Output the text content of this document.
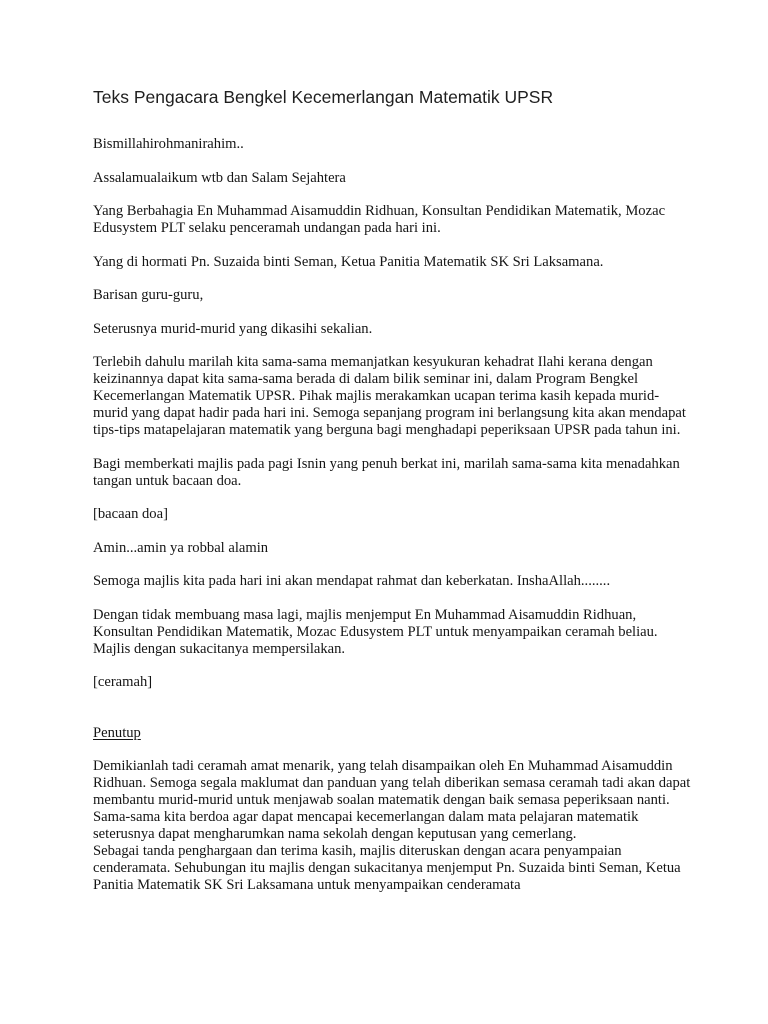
Teks Pengacara Bengkel Kecemerlangan Matematik UPSR

Bismillahirohmanirahim..

Assalamualaikum wtb dan Salam Sejahtera

Yang Berbahagia En Muhammad Aisamuddin Ridhuan, Konsultan Pendidikan Matematik, Mozac Edusystem PLT selaku penceramah undangan pada hari ini.

Yang di hormati Pn. Suzaida binti Seman, Ketua Panitia Matematik SK Sri Laksamana.

Barisan guru-guru,

Seterusnya murid-murid yang dikasihi sekalian.

Terlebih dahulu marilah kita sama-sama memanjatkan kesyukuran kehadrat Ilahi kerana dengan keizinannya dapat kita sama-sama berada di dalam bilik seminar ini, dalam Program Bengkel Kecemerlangan Matematik UPSR. Pihak majlis merakamkan ucapan terima kasih kepada murid-murid yang dapat hadir pada hari ini. Semoga sepanjang program ini berlangsung kita akan mendapat tips-tips matapelajaran matematik yang berguna bagi menghadapi peperiksaan UPSR pada tahun ini.

Bagi memberkati majlis pada pagi Isnin yang penuh berkat ini, marilah sama-sama kita menadahkan tangan untuk bacaan doa.

[bacaan doa]

Amin...amin ya robbal alamin

Semoga majlis kita pada hari ini akan mendapat rahmat dan keberkatan. InshaAllah........

Dengan tidak membuang masa lagi, majlis menjemput En Muhammad Aisamuddin Ridhuan, Konsultan Pendidikan Matematik, Mozac Edusystem PLT untuk menyampaikan ceramah beliau.

Majlis dengan sukacitanya mempersilakan.

[ceramah]

Penutup

Demikianlah tadi ceramah amat menarik, yang telah disampaikan oleh En Muhammad Aisamuddin Ridhuan. Semoga segala maklumat dan panduan yang telah diberikan semasa ceramah tadi akan dapat membantu murid-murid untuk menjawab soalan matematik dengan baik semasa peperiksaan nanti. Sama-sama kita berdoa agar dapat mencapai kecemerlangan dalam mata pelajaran matematik seterusnya dapat mengharumkan nama sekolah dengan keputusan yang cemerlang.

Sebagai tanda penghargaan dan terima kasih, majlis diteruskan dengan acara penyampaian cenderamata. Sehubungan itu majlis dengan sukacitanya menjemput Pn. Suzaida binti Seman, Ketua Panitia Matematik SK Sri Laksamana untuk menyampaikan cenderamata
